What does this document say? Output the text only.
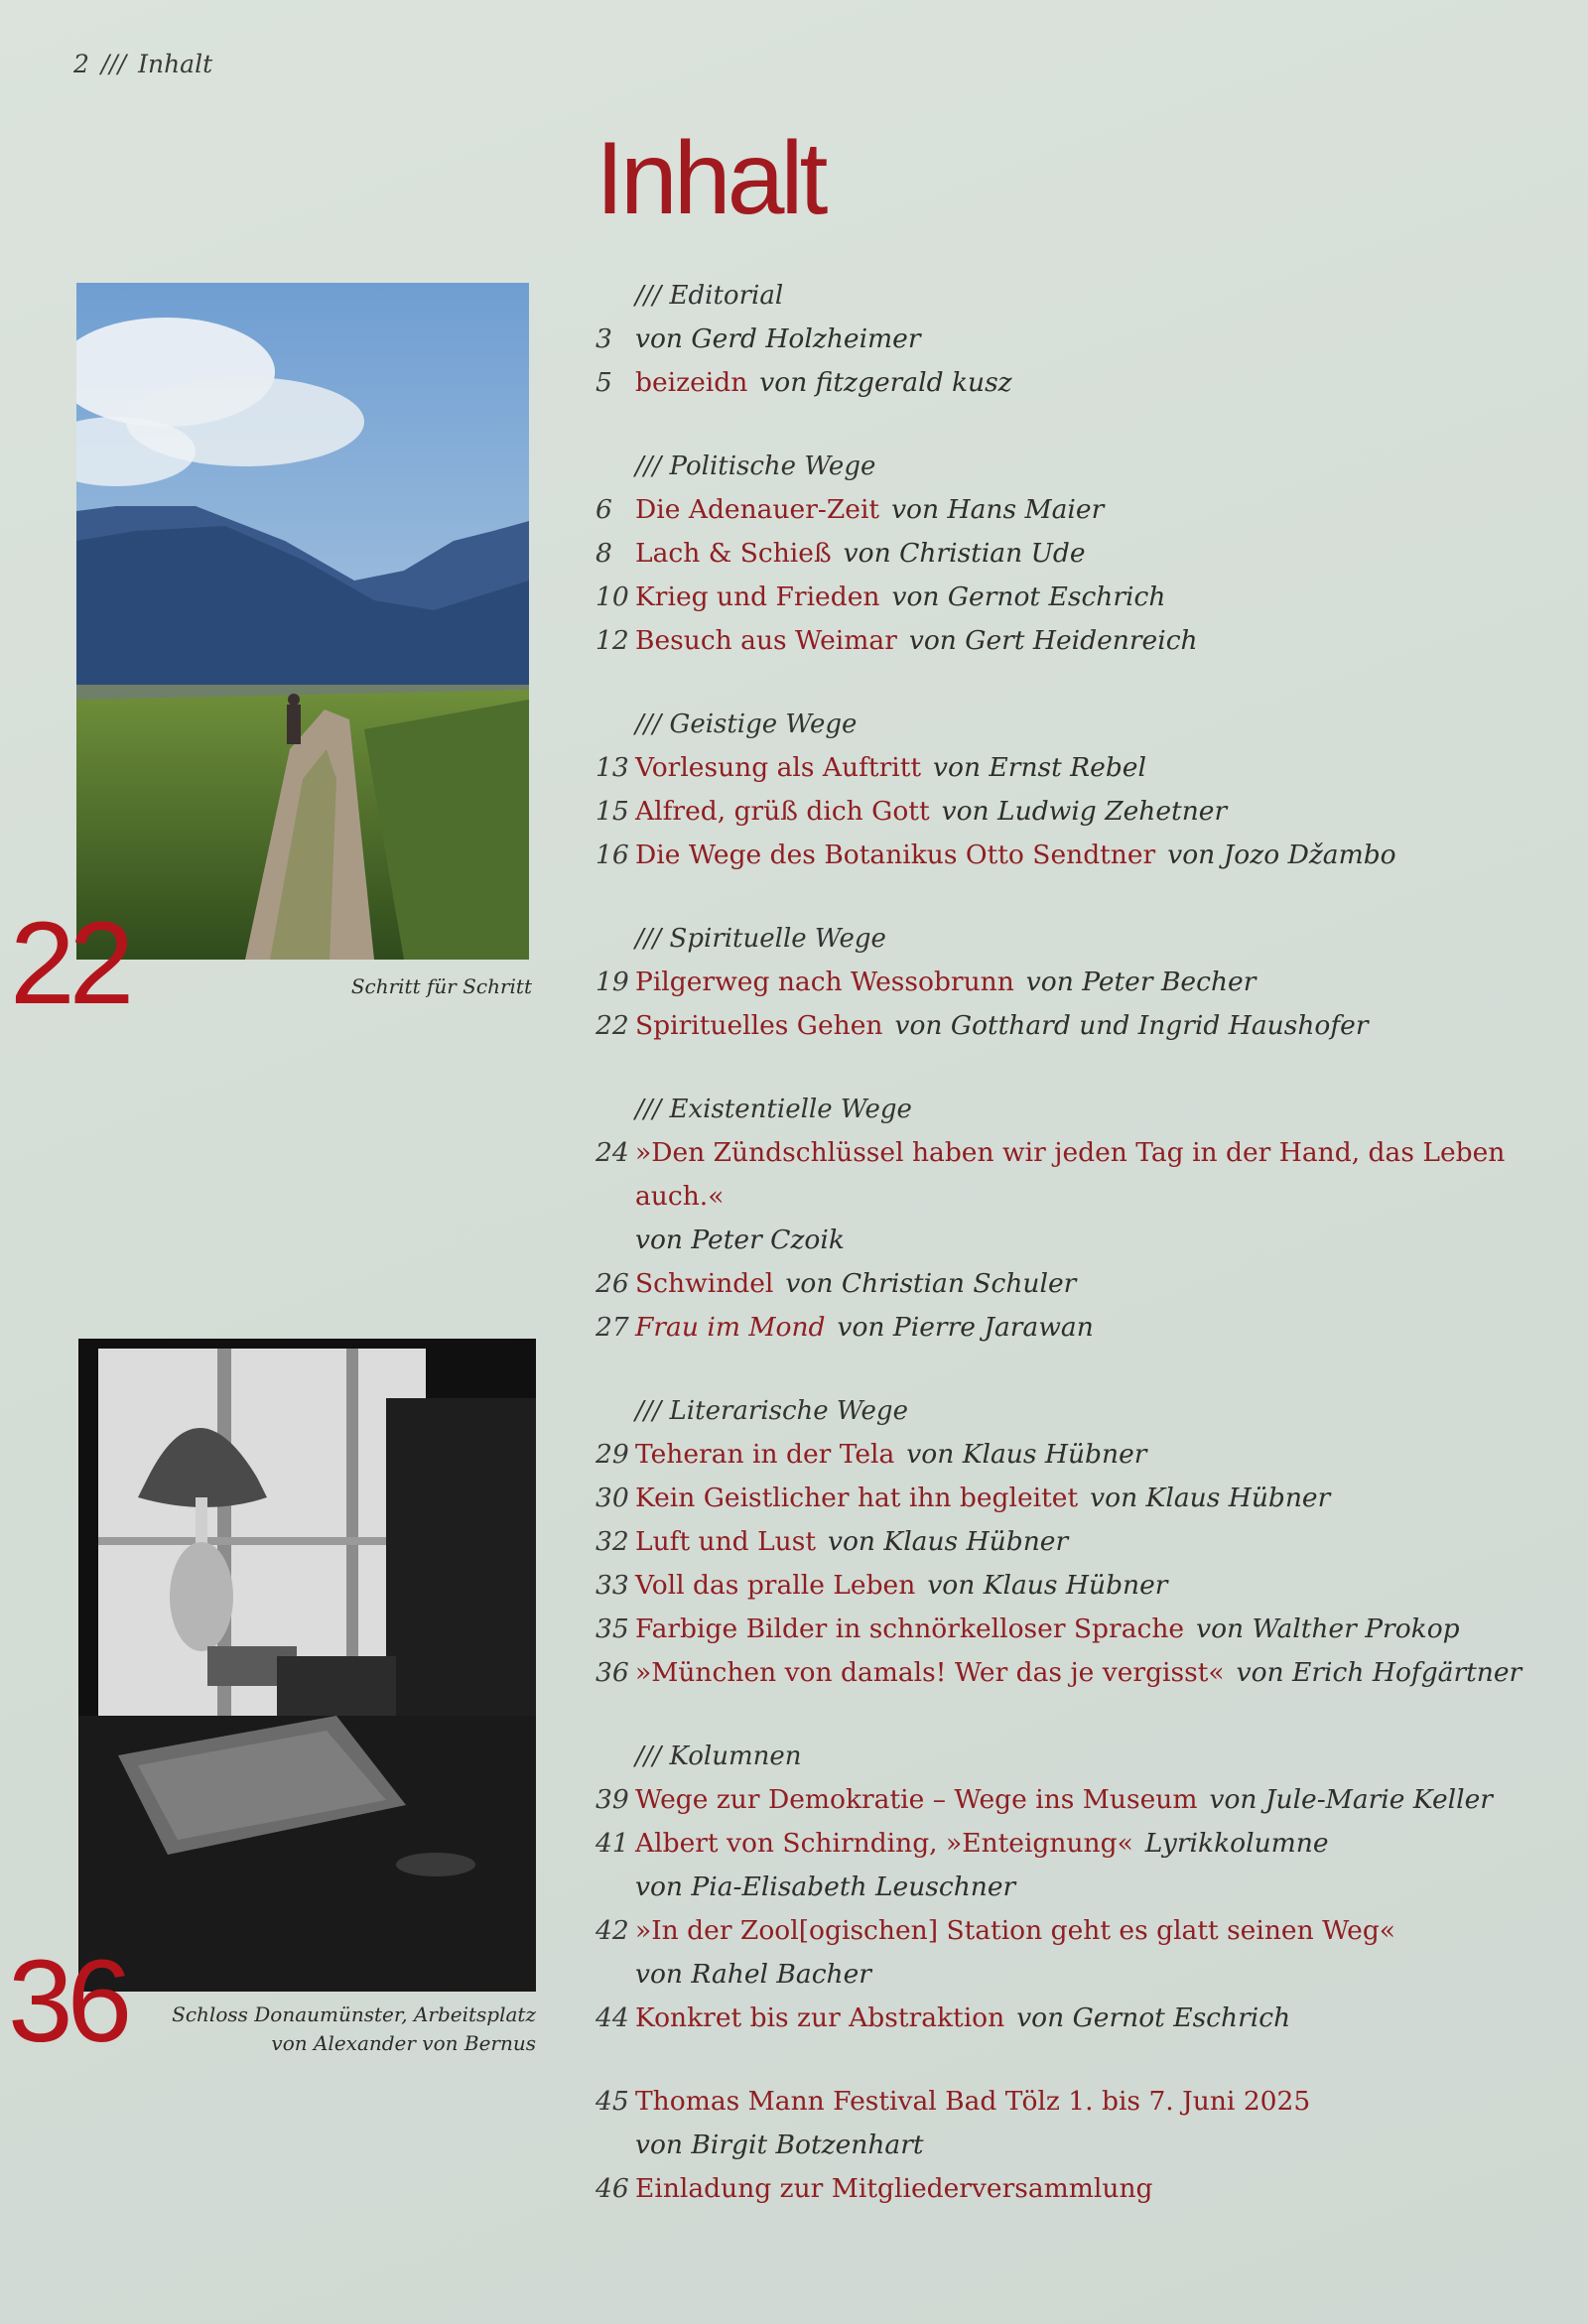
2 /// Inhalt
Inhalt
22	Schritt für Schritt
36	Schloss Donaumünster, Arbeitsplatz
von Alexander von Bernus
/// Editorial
3 von Gerd Holzheimer
5 beizeidn von fitzgerald kusz
/// Politische Wege
6 Die Adenauer-Zeit von Hans Maier
8 Lach & Schieß von Christian Ude
10 Krieg und Frieden von Gernot Eschrich
12 Besuch aus Weimar von Gert Heidenreich
/// Geistige Wege
13 Vorlesung als Auftritt von Ernst Rebel
15 Alfred, grüß dich Gott von Ludwig Zehetner
16 Die Wege des Botanikus Otto Sendtner von Jozo Džambo
/// Spirituelle Wege
19 Pilgerweg nach Wessobrunn von Peter Becher
22 Spirituelles Gehen von Gotthard und Ingrid Haushofer
/// Existentielle Wege
24 »Den Zündschlüssel haben wir jeden Tag in der Hand, das Leben auch.«
von Peter Czoik
26 Schwindel von Christian Schuler
27 Frau im Mond von Pierre Jarawan
/// Literarische Wege
29 Teheran in der Tela von Klaus Hübner
30 Kein Geistlicher hat ihn begleitet von Klaus Hübner
32 Luft und Lust von Klaus Hübner
33 Voll das pralle Leben von Klaus Hübner
35 Farbige Bilder in schnörkelloser Sprache von Walther Prokop
36 »München von damals! Wer das je vergisst« von Erich Hofgärtner
/// Kolumnen
39 Wege zur Demokratie – Wege ins Museum von Jule-Marie Keller
41 Albert von Schirnding, »Enteignung« Lyrikkolumne
von Pia-Elisabeth Leuschner
42 »In der Zool[ogischen] Station geht es glatt seinen Weg«
von Rahel Bacher
44 Konkret bis zur Abstraktion von Gernot Eschrich
45 Thomas Mann Festival Bad Tölz 1. bis 7. Juni 2025
von Birgit Botzenhart
46 Einladung zur Mitgliederversammlung
